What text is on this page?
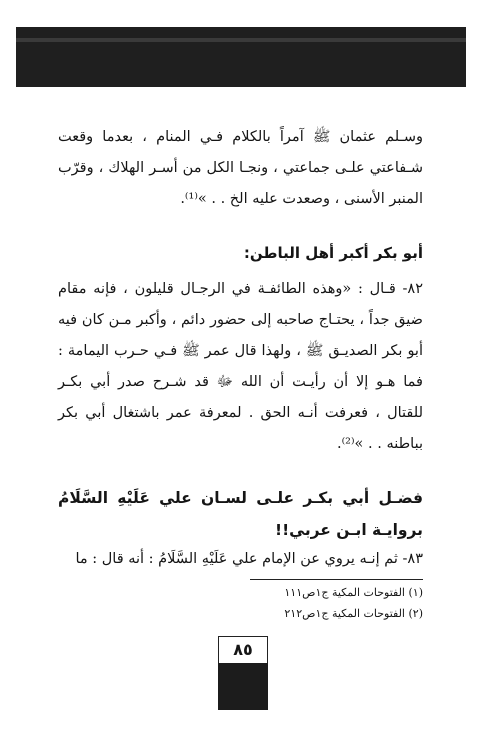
وسـلم عثمان ﷺ آمراً بالكلام فـي المنام ، بعدما وقعت شـفاعتي علـى جماعتي ، ونجـا الكل من أسـر الهلاك ، وقرّب المنبر الأسنى ، وصعدت عليه الخ . . »⁽¹⁾.

أبو بكر أكبر أهل الباطن:

٨٢- قـال : «وهذه الطائفـة في الرجـال قليلون ، فإنه مقام ضيق جداً ، يحتـاج صاحبه إلى حضور دائم ، وأكبر مـن كان فيه أبو بكر الصديـق ﷺ ، ولهذا قال عمر ﷺ فـي حـرب اليمامة : فما هـو إلا أن رأيـت أن الله ﷻ قد شـرح صدر أبي بكـر للقتال ، فعرفت أنـه الحق . لمعرفة عمر باشتغال أبي بكر بباطنه . . »⁽²⁾.

فضـل أبي بكـر علـى لسـان علي عَلَيْهِ السَّلَامُ بروايـة ابـن عربي!!

٨٣- ثم إنـه يروي عن الإمام علي عَلَيْهِ السَّلَامُ : أنه قال : ما

(١) الفتوحات المكية ج١ص١١١
(٢) الفتوحات المكية ج١ص٢١٢
٨٥
